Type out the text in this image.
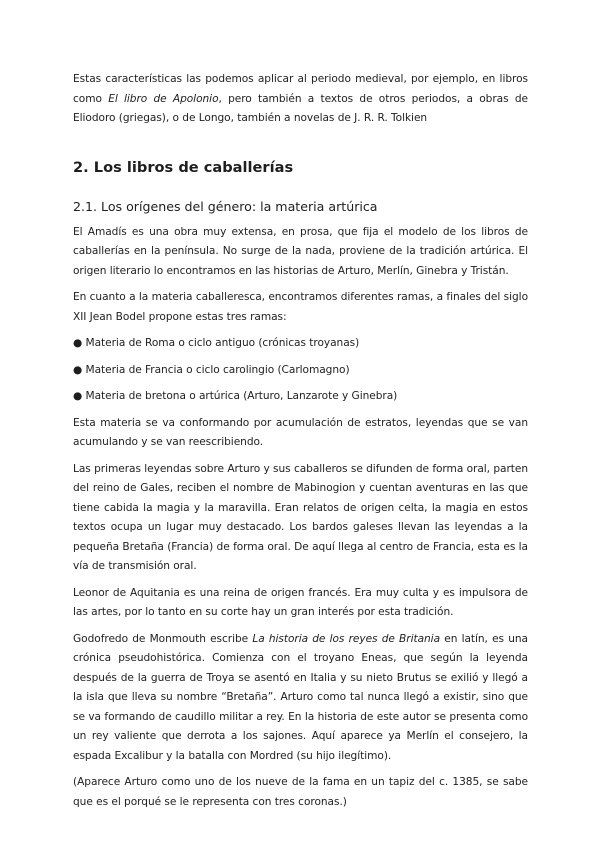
Estas características las podemos aplicar al periodo medieval, por ejemplo, en libros como El libro de Apolonio, pero también a textos de otros periodos, a obras de Eliodoro (griegas), o de Longo, también a novelas de J. R. R. Tolkien

2. Los libros de caballerías
2.1. Los orígenes del género: la materia artúrica

El Amadís es una obra muy extensa, en prosa, que fija el modelo de los libros de caballerías en la península. No surge de la nada, proviene de la tradición artúrica. El origen literario lo encontramos en las historias de Arturo, Merlín, Ginebra y Tristán.

En cuanto a la materia caballeresca, encontramos diferentes ramas, a finales del siglo XII Jean Bodel propone estas tres ramas:

● Materia de Roma o ciclo antiguo (crónicas troyanas)

● Materia de Francia o ciclo carolingio (Carlomagno)

● Materia de bretona o artúrica (Arturo, Lanzarote y Ginebra)

Esta materia se va conformando por acumulación de estratos, leyendas que se van acumulando y se van reescribiendo.

Las primeras leyendas sobre Arturo y sus caballeros se difunden de forma oral, parten del reino de Gales, reciben el nombre de Mabinogion y cuentan aventuras en las que tiene cabida la magia y la maravilla. Eran relatos de origen celta, la magia en estos textos ocupa un lugar muy destacado. Los bardos galeses llevan las leyendas a la pequeña Bretaña (Francia) de forma oral. De aquí llega al centro de Francia, esta es la vía de transmisión oral.

Leonor de Aquitania es una reina de origen francés. Era muy culta y es impulsora de las artes, por lo tanto en su corte hay un gran interés por esta tradición.

Godofredo de Monmouth escribe La historia de los reyes de Britania en latín, es una crónica pseudohistórica. Comienza con el troyano Eneas, que según la leyenda después de la guerra de Troya se asentó en Italia y su nieto Brutus se exilió y llegó a la isla que lleva su nombre “Bretaña”. Arturo como tal nunca llegó a existir, sino que se va formando de caudillo militar a rey. En la historia de este autor se presenta como un rey valiente que derrota a los sajones. Aquí aparece ya Merlín el consejero, la espada Excalibur y la batalla con Mordred (su hijo ilegítimo).

(Aparece Arturo como uno de los nueve de la fama en un tapiz del c. 1385, se sabe que es el porqué se le representa con tres coronas.)
